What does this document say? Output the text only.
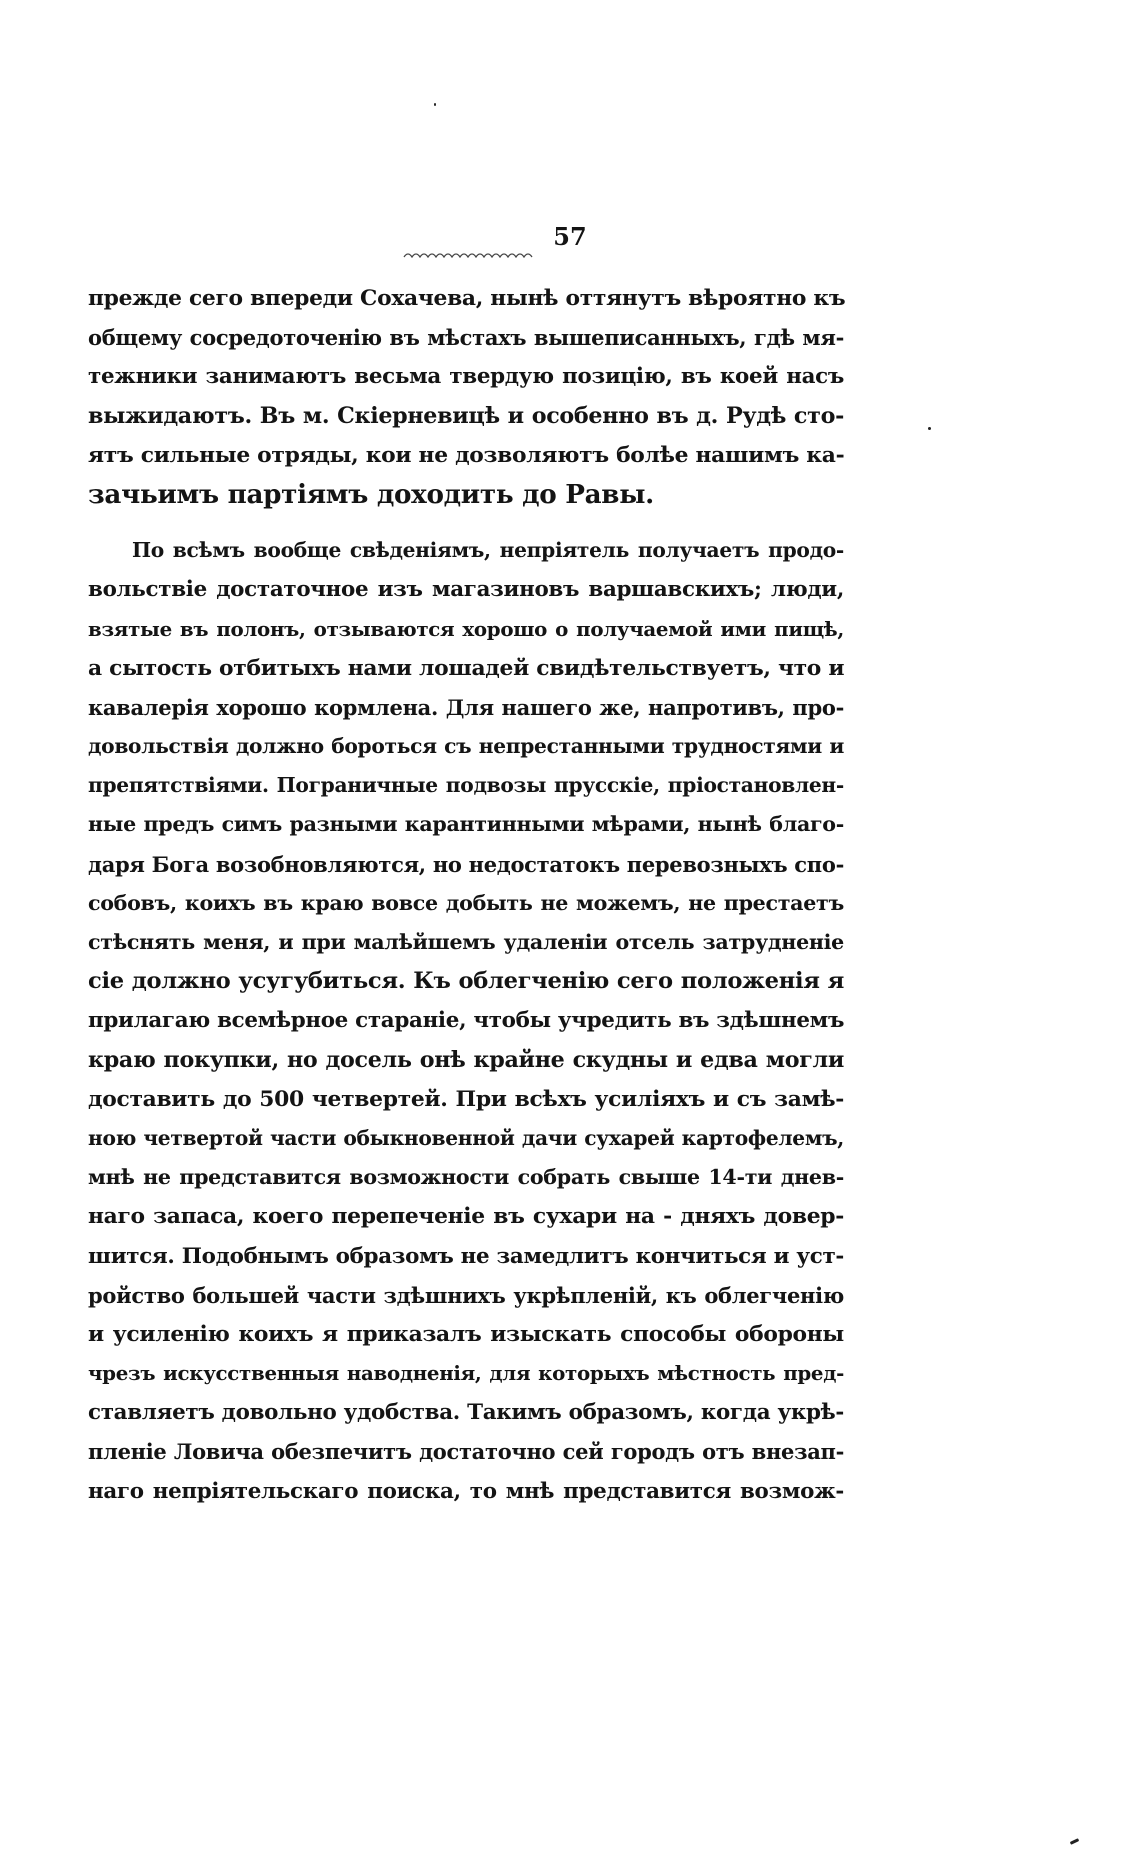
57
прежде сего впереди Сохачева, нынѣ оттянутъ вѣроятно къ
общему сосредоточенiю въ мѣстахъ вышеписанныхъ, гдѣ мя-
тежники занимаютъ весьма твердую позицiю, въ коей насъ
выжидаютъ. Въ м. Скiерневицѣ и особенно въ д. Рудѣ сто-
ятъ сильные отряды, кои не дозволяютъ болѣе нашимъ ка-
зачьимъ партiямъ доходить до Равы.
По всѣмъ вообще свѣденiямъ, непрiятель получаетъ продо-
вольствiе достаточное изъ магазиновъ варшавскихъ; люди,
взятые въ полонъ, отзываются хорошо о получаемой ими пищѣ,
а сытость отбитыхъ нами лошадей свидѣтельствуетъ, что и
кавалерiя хорошо кормлена. Для нашего же, напротивъ, про-
довольствiя должно бороться съ непрестанными трудностями и
препятствiями. Пограничные подвозы прусскiе, прiостановлен-
ные предъ симъ разными карантинными мѣрами, нынѣ благо-
даря Бога возобновляются, но недостатокъ перевозныхъ спо-
собовъ, коихъ въ краю вовсе добыть не можемъ, не престаетъ
стѣснять меня, и при малѣйшемъ удаленiи отсель затрудненiе
сiе должно усугубиться. Къ облегченiю сего положенiя я
прилагаю всемѣрное старанiе, чтобы учредить въ здѣшнемъ
краю покупки, но досель онѣ крайне скудны и едва могли
доставить до 500 четвертей. При всѣхъ усилiяхъ и съ замѣ-
ною четвертой части обыкновенной дачи сухарей картофелемъ,
мнѣ не представится возможности собрать свыше 14-ти днев-
наго запаса, коего перепеченiе въ сухари на - дняхъ довер-
шится. Подобнымъ образомъ не замедлитъ кончиться и уст-
ройство большей части здѣшнихъ укрѣпленiй, къ облегченiю
и усиленiю коихъ я приказалъ изыскать способы обороны
чрезъ искусственныя наводненiя, для которыхъ мѣстность пред-
ставляетъ довольно удобства. Такимъ образомъ, когда укрѣ-
пленiе Ловича обезпечитъ достаточно сей городъ отъ внезап-
наго непрiятельскаго поиска, то мнѣ представится возмож-
